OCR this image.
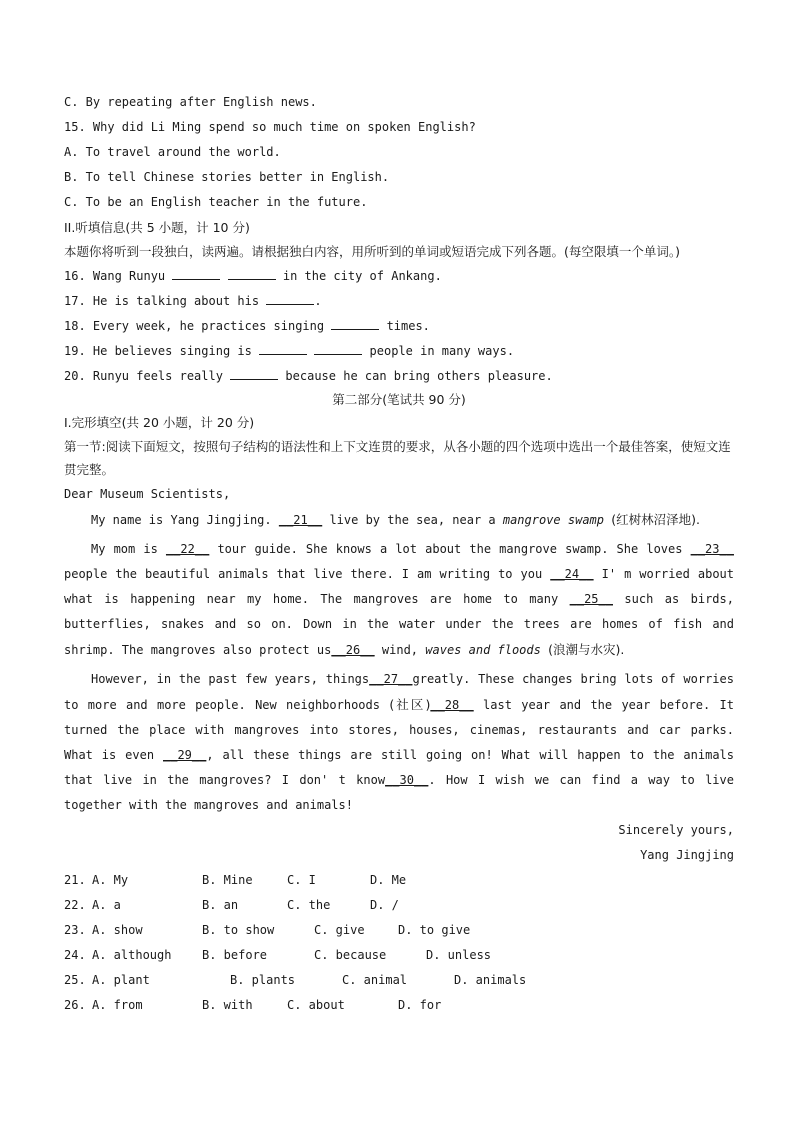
C. By repeating after English news.
15. Why did Li Ming spend so much time on spoken English?
A. To travel around the world.
B. To tell Chinese stories better in English.
C. To be an English teacher in the future.
II.听填信息(共 5 小题，计 10 分)
本题你将听到一段独白，读两遍。请根据独白内容，用所听到的单词或短语完成下列各题。(每空限填一个单词。)
16. Wang Runyu	in the city of Ankang.
17. He is talking about his	.
18. Every week, he practices singing	times.
19. He believes singing is	people in many ways.
20. Runyu feels really	because he can bring others pleasure.
第二部分(笔试共 90 分)
I.完形填空(共 20 小题，计 20 分)
第一节:阅读下面短文，按照句子结构的语法性和上下文连贯的要求，从各小题的四个选项中选出一个最佳答案，使短文连贯完整。
Dear Museum Scientists,
My name is Yang Jingjing. __21__ live by the sea, near a mangrove swamp (红树林沼泽地).
My mom is __22__ tour guide. She knows a lot about the mangrove swamp. She loves __23__ people the beautiful animals that live there. I am writing to you __24__ I' m worried about what is happening near my home. The mangroves are home to many __25__ such as birds, butterflies, snakes and so on. Down in the water under the trees are homes of fish and shrimp. The mangroves also protect us__26__ wind, waves and floods (浪潮与水灾).
However, in the past few years, things__27__greatly. These changes bring lots of worries to more and more people. New neighborhoods (社区)__28__ last year and the year before. It turned the place with mangroves into stores, houses, cinemas, restaurants and car parks. What is even __29__, all these things are still going on! What will happen to the animals that live in the mangroves? I don' t know__30__. How I wish we can find a way to live together with the mangroves and animals!
Sincerely yours,
Yang Jingjing
21. A. My	B. Mine	C. I	D. Me
22. A. a	B. an	C. the	D. /
23. A. show	B. to show	C. give	D. to give
24. A. although	B. before	C. because	D. unless
25. A. plant	B. plants	C. animal	D. animals
26. A. from	B. with	C. about	D. for
